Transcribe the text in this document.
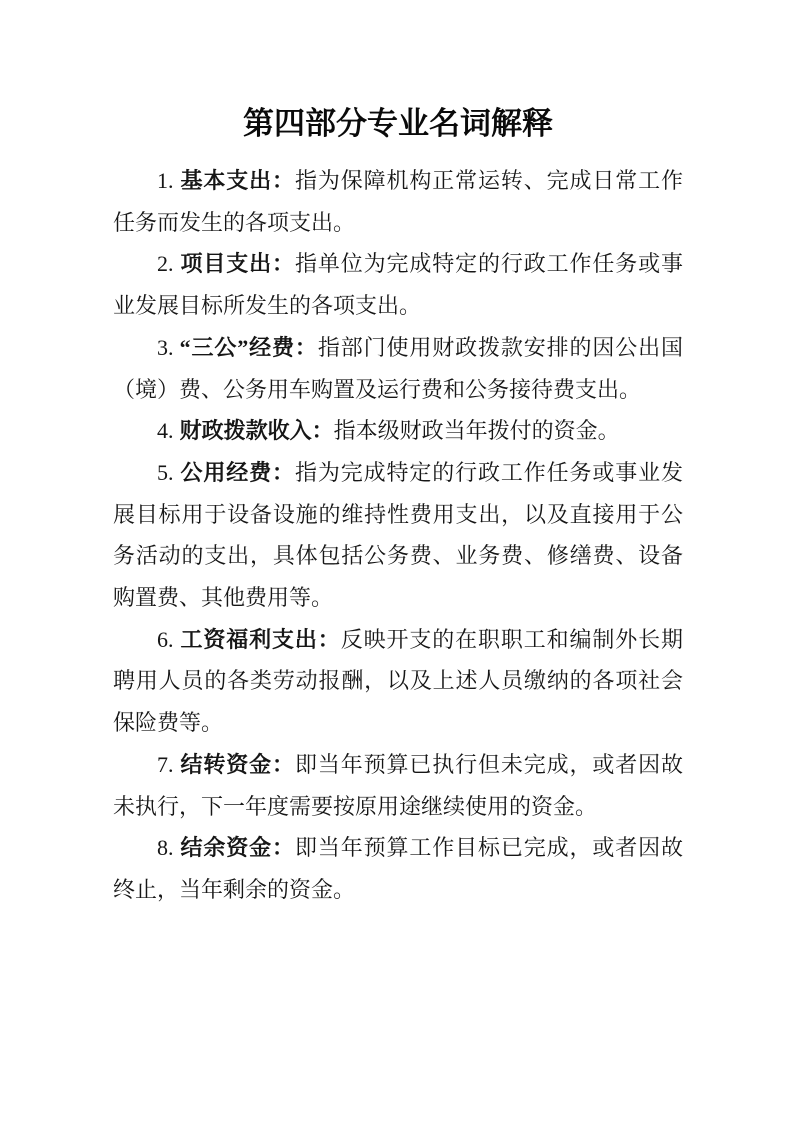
第四部分专业名词解释

1. 基本支出：指为保障机构正常运转、完成日常工作任务而发生的各项支出。

2. 项目支出：指单位为完成特定的行政工作任务或事业发展目标所发生的各项支出。

3. “三公”经费：指部门使用财政拨款安排的因公出国（境）费、公务用车购置及运行费和公务接待费支出。

4. 财政拨款收入：指本级财政当年拨付的资金。

5. 公用经费：指为完成特定的行政工作任务或事业发展目标用于设备设施的维持性费用支出，以及直接用于公务活动的支出，具体包括公务费、业务费、修缮费、设备购置费、其他费用等。

6. 工资福利支出：反映开支的在职职工和编制外长期聘用人员的各类劳动报酬，以及上述人员缴纳的各项社会保险费等。

7. 结转资金：即当年预算已执行但未完成，或者因故未执行，下一年度需要按原用途继续使用的资金。

8. 结余资金：即当年预算工作目标已完成，或者因故终止，当年剩余的资金。
